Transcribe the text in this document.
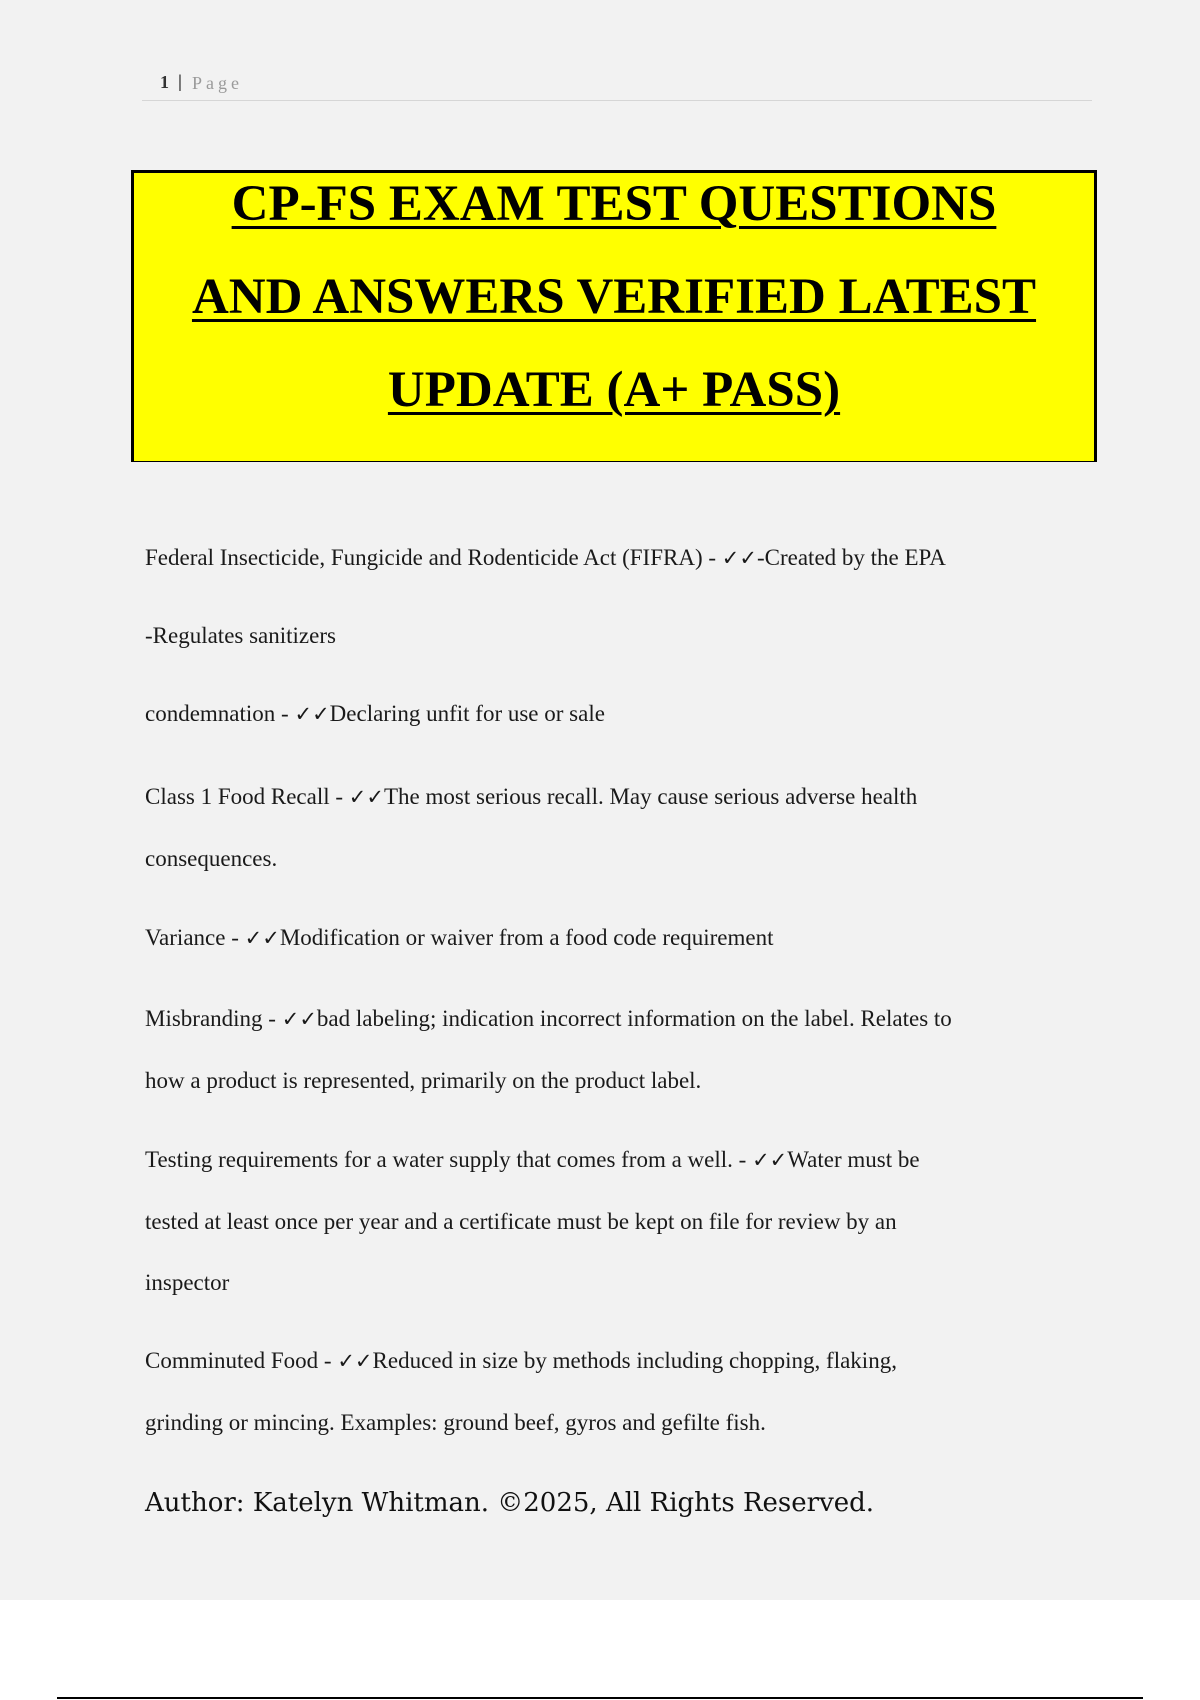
1 | Page
CP-FS EXAM TEST QUESTIONS
AND ANSWERS VERIFIED LATEST
UPDATE (A+ PASS)
Federal Insecticide, Fungicide and Rodenticide Act (FIFRA) - ✓✓-Created by the EPA
-Regulates sanitizers
condemnation - ✓✓Declaring unfit for use or sale
Class 1 Food Recall - ✓✓The most serious recall. May cause serious adverse health
consequences.
Variance - ✓✓Modification or waiver from a food code requirement
Misbranding - ✓✓bad labeling; indication incorrect information on the label. Relates to
how a product is represented, primarily on the product label.
Testing requirements for a water supply that comes from a well. - ✓✓Water must be
tested at least once per year and a certificate must be kept on file for review by an
inspector
Comminuted Food - ✓✓Reduced in size by methods including chopping, flaking,
grinding or mincing. Examples: ground beef, gyros and gefilte fish.
Author: Katelyn Whitman. ©2025, All Rights Reserved.
